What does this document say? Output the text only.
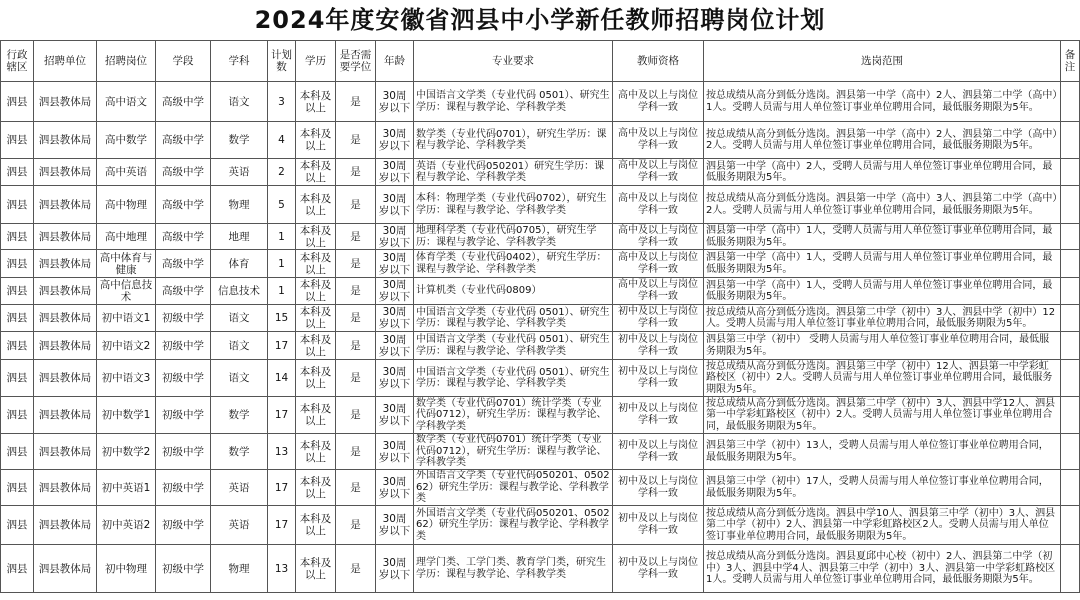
2024年度安徽省泗县中小学新任教师招聘岗位计划
行政辖区	招聘单位	招聘岗位	学段	学科	计划数	学历	是否需要学位	年龄	专业要求	教师资格	选岗范围	备注
泗县	泗县教体局	高中语文	高级中学	语文	3	本科及以上	是	30周岁以下	中国语言文学类（专业代码 0501）、研究生学历：课程与教学论、学科教学类	高中及以上与岗位学科一致	按总成绩从高分到低分选岗。泗县第一中学（高中）2人、泗县第二中学（高中）1人。受聘人员需与用人单位签订事业单位聘用合同，最低服务期限为5年。	
泗县	泗县教体局	高中数学	高级中学	数学	4	本科及以上	是	30周岁以下	数学类（专业代码0701），研究生学历：课程与教学论、学科教学类	高中及以上与岗位学科一致	按总成绩从高分到低分选岗。泗县第一中学（高中）2人、泗县第二中学（高中）2人。受聘人员需与用人单位签订事业单位聘用合同，最低服务期限为5年。	
泗县	泗县教体局	高中英语	高级中学	英语	2	本科及以上	是	30周岁以下	英语（专业代码050201）研究生学历：课程与教学论、学科教学类	高中及以上与岗位学科一致	泗县第一中学（高中）2人，受聘人员需与用人单位签订事业单位聘用合同，最低服务期限为5年。	
泗县	泗县教体局	高中物理	高级中学	物理	5	本科及以上	是	30周岁以下	本科：物理学类（专业代码0702），研究生学历：课程与教学论、学科教学类	高中及以上与岗位学科一致	按总成绩从高分到低分选岗。泗县第一中学（高中）3人、泗县第二中学（高中）2人。受聘人员需与用人单位签订事业单位聘用合同，最低服务期限为5年。	
泗县	泗县教体局	高中地理	高级中学	地理	1	本科及以上	是	30周岁以下	地理科学类（专业代码0705），研究生学历：课程与教学论、学科教学类	高中及以上与岗位学科一致	泗县第一中学（高中）1人，受聘人员需与用人单位签订事业单位聘用合同，最低服务期限为5年。	
泗县	泗县教体局	高中体育与健康	高级中学	体育	1	本科及以上	是	30周岁以下	体育学类（专业代码0402），研究生学历：课程与教学论、学科教学类	高中及以上与岗位学科一致	泗县第一中学（高中）1人，受聘人员需与用人单位签订事业单位聘用合同，最低服务期限为5年。	
泗县	泗县教体局	高中信息技术	高级中学	信息技术	1	本科及以上	是	30周岁以下	计算机类（专业代码0809）	高中及以上与岗位学科一致	泗县第一中学（高中）1人，受聘人员需与用人单位签订事业单位聘用合同，最低服务期限为5年。	
泗县	泗县教体局	初中语文1	初级中学	语文	15	本科及以上	是	30周岁以下	中国语言文学类（专业代码 0501）、研究生学历：课程与教学论、学科教学类	初中及以上与岗位学科一致	按总成绩从高分到低分选岗。泗县第二中学（初中）3人、泗县中学（初中）12人。受聘人员需与用人单位签订事业单位聘用合同，最低服务期限为5年。	
泗县	泗县教体局	初中语文2	初级中学	语文	17	本科及以上	是	30周岁以下	中国语言文学类（专业代码 0501）、研究生学历：课程与教学论、学科教学类	初中及以上与岗位学科一致	泗县第三中学（初中） 受聘人员需与用人单位签订事业单位聘用合同，最低服务期限为5年。	
泗县	泗县教体局	初中语文3	初级中学	语文	14	本科及以上	是	30周岁以下	中国语言文学类（专业代码 0501）、研究生学历：课程与教学论、学科教学类	初中及以上与岗位学科一致	按总成绩从高分到低分选岗。泗县第三中学（初中）12人、泗县第一中学彩虹路校区（初中）2人。受聘人员需与用人单位签订事业单位聘用合同，最低服务期限为5年。	
泗县	泗县教体局	初中数学1	初级中学	数学	17	本科及以上	是	30周岁以下	数学类（专业代码0701）统计学类（专业代码0712），研究生学历：课程与教学论、学科教学类	初中及以上与岗位学科一致	按总成绩从高分到低分选岗。泗县第二中学（初中）3人、泗县中学12人、泗县第一中学彩虹路校区（初中）2人。受聘人员需与用人单位签订事业单位聘用合同，最低服务期限为5年。	
泗县	泗县教体局	初中数学2	初级中学	数学	13	本科及以上	是	30周岁以下	数学类（专业代码0701）统计学类（专业代码0712），研究生学历：课程与教学论、学科教学类	初中及以上与岗位学科一致	泗县第三中学（初中）13人，受聘人员需与用人单位签订事业单位聘用合同，最低服务期限为5年。	
泗县	泗县教体局	初中英语1	初级中学	英语	17	本科及以上	是	30周岁以下	外国语言文学类（专业代码050201、050262）研究生学历：课程与教学论、学科教学类	初中及以上与岗位学科一致	泗县第三中学（初中）17人，受聘人员需与用人单位签订事业单位聘用合同，最低服务期限为5年。	
泗县	泗县教体局	初中英语2	初级中学	英语	17	本科及以上	是	30周岁以下	外国语言文学类（专业代码050201、050262）研究生学历：课程与教学论、学科教学类	初中及以上与岗位学科一致	按总成绩从高分到低分选岗。泗县中学10人、泗县第三中学（初中）3人、泗县第二中学（初中）2人、泗县第一中学彩虹路校区2人。受聘人员需与用人单位签订事业单位聘用合同，最低服务期限为5年。	
泗县	泗县教体局	初中物理	初级中学	物理	13	本科及以上	是	30周岁以下	理学门类、工学门类、教育学门类，研究生学历：课程与教学论、学科教学类	初中及以上与岗位学科一致	按总成绩从高分到低分选岗。泗县夏邱中心校（初中）2人、泗县第二中学（初中）3人、泗县中学4人、泗县第三中学（初中）3人、泗县第一中学彩虹路校区1人。受聘人员需与用人单位签订事业单位聘用合同，最低服务期限为5年。	
